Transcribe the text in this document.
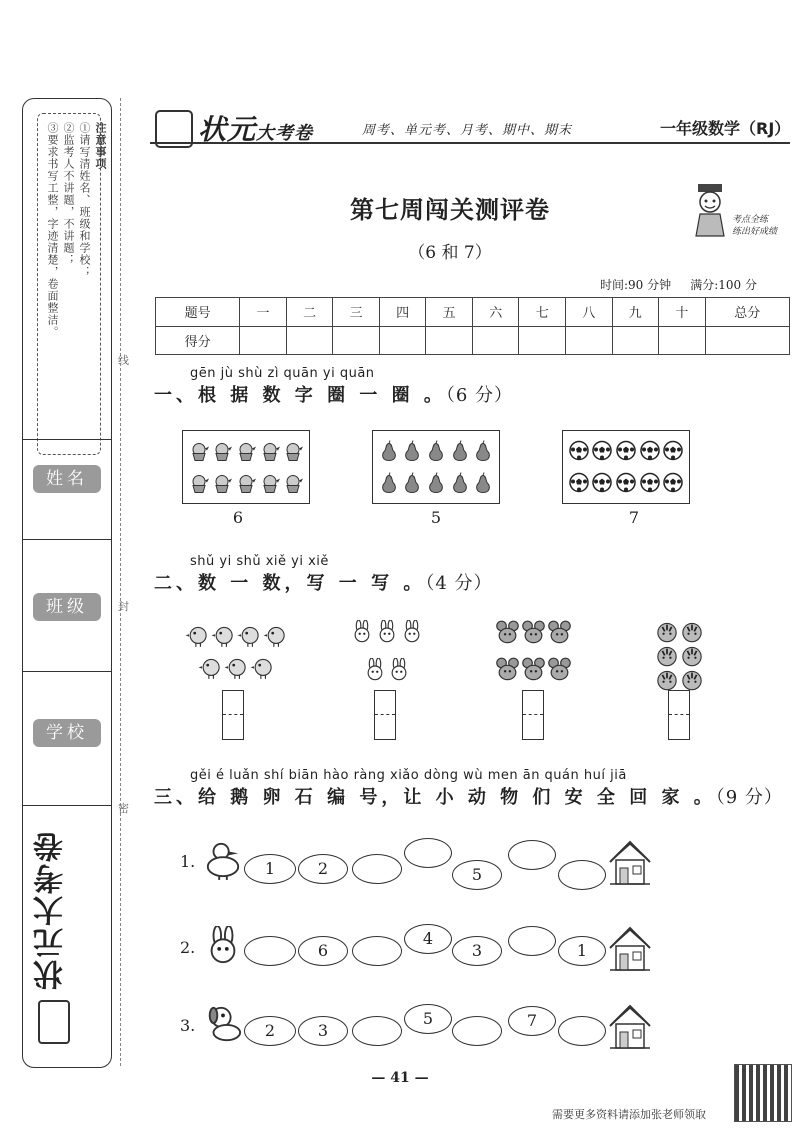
注意事项
①请写清姓名、班级和学校；
②监考人不讲题，不讲题；
③要求书写工整，字迹清楚，卷面整洁。
姓名
班级
学校
状元大考卷
线
封
密
状元大考卷	周考、单元考、月考、期中、期末	一年级数学（RJ）
第七周闯关测评卷
（6 和 7）
考点全练
练出好成绩
时间:90 分钟 满分:100 分
题号	一	二	三	四	五	六	七	八	九	十	总分
得分											
gēn jù shù zì quān yi quān
一、根 据 数 字 圈 一 圈 。（6 分）
6	5	7
shǔ yi shǔ xiě yi xiě
二、数 一 数，写 一 写 。（4 分）
gěi é luǎn shí biān hào ràng xiǎo dòng wù men ān quán huí jiā
三、给 鹅 卵 石 编 号，让 小 动 物 们 安 全 回 家 。（9 分）
1.	1	2	5
2.	6
4
3	1
3.	2	3
5	7
— 41 —
需要更多资料请添加张老师领取
